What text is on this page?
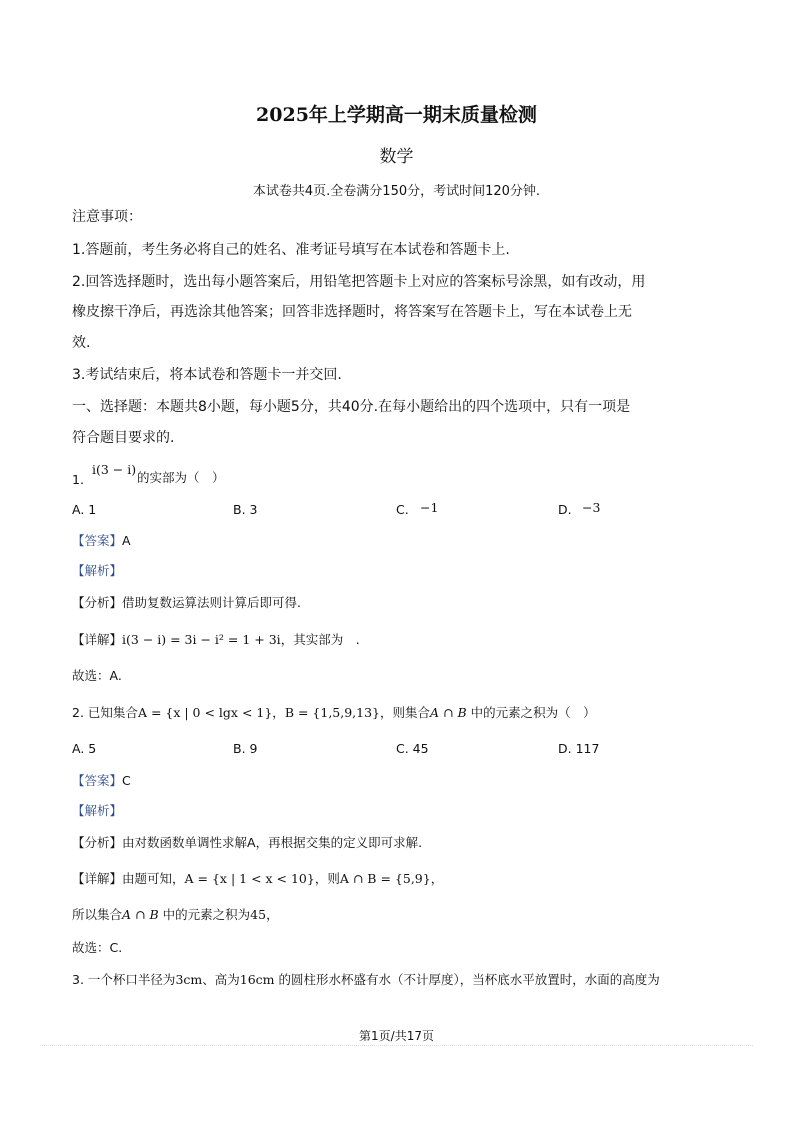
2025年上学期高一期末质量检测
数学
本试卷共4页.全卷满分150分，考试时间120分钟.
注意事项：
1.答题前，考生务必将自己的姓名、准考证号填写在本试卷和答题卡上.
2.回答选择题时，选出每小题答案后，用铅笔把答题卡上对应的答案标号涂黑，如有改动，用
橡皮擦干净后，再选涂其他答案；回答非选择题时，将答案写在答题卡上，写在本试卷上无
效.
3.考试结束后，将本试卷和答题卡一并交回.
一、选择题：本题共8小题，每小题5分，共40分.在每小题给出的四个选项中，只有一项是
符合题目要求的.
1.
i(3 − i)
的实部为（　）
A. 1	B. 3	C. −1	D. −3
【答案】A
【解析】
【分析】借助复数运算法则计算后即可得.
【详解】i(3 − i) = 3i − i² = 1 + 3i，其实部为　.
故选：A.
2. 已知集合A = {x | 0 < lgx < 1}，B = {1,5,9,13}，则集合A ∩ B 中的元素之积为（　）
A. 5	B. 9	C. 45	D. 117
【答案】C
【解析】
【分析】由对数函数单调性求解A，再根据交集的定义即可求解.
【详解】由题可知，A = {x | 1 < x < 10}，则A ∩ B = {5,9}，
所以集合A ∩ B 中的元素之积为45，
故选：C.
3. 一个杯口半径为3cm、高为16cm 的圆柱形水杯盛有水（不计厚度），当杯底水平放置时，水面的高度为
第1页/共17页
